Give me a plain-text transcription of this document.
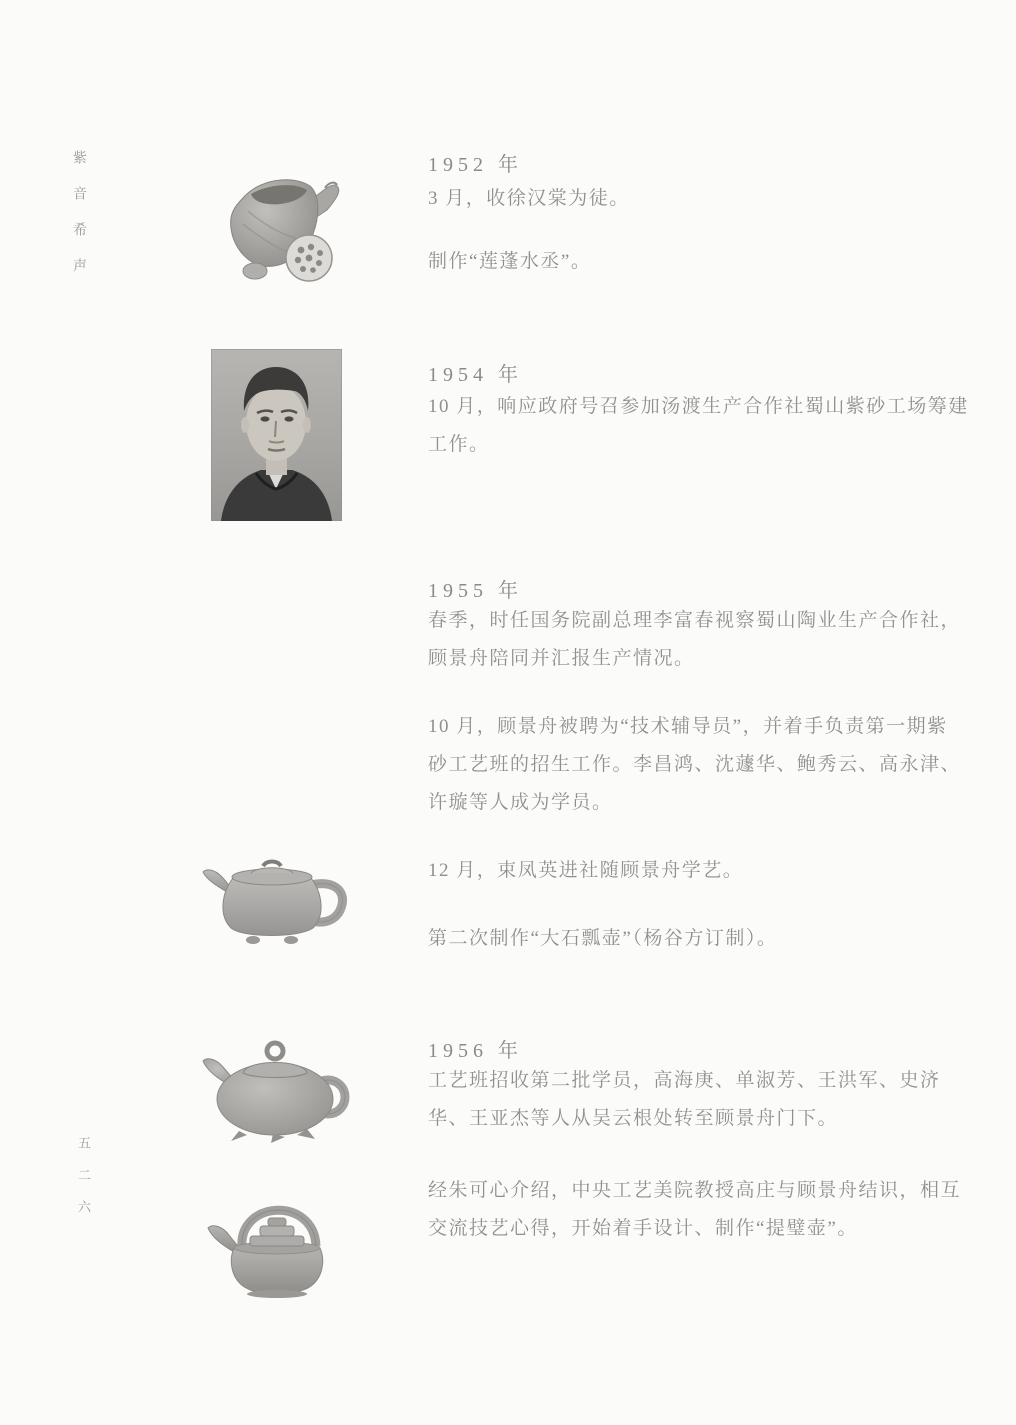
紫音希声
五二六
1952 年
3 月，收徐汉棠为徒。
制作“莲蓬水丞”。
1954 年
10 月，响应政府号召参加汤渡生产合作社蜀山紫砂工场筹建
工作。
1955 年
春季，时任国务院副总理李富春视察蜀山陶业生产合作社，
顾景舟陪同并汇报生产情况。
10 月，顾景舟被聘为“技术辅导员”，并着手负责第一期紫
砂工艺班的招生工作。李昌鸿、沈蘧华、鲍秀云、高永津、
许璇等人成为学员。
12 月，束凤英进社随顾景舟学艺。
第二次制作“大石瓢壶”（杨谷方订制）。
1956 年
工艺班招收第二批学员，高海庚、单淑芳、王洪军、史济
华、王亚杰等人从吴云根处转至顾景舟门下。
经朱可心介绍，中央工艺美院教授高庄与顾景舟结识，相互
交流技艺心得，开始着手设计、制作“提璧壶”。
